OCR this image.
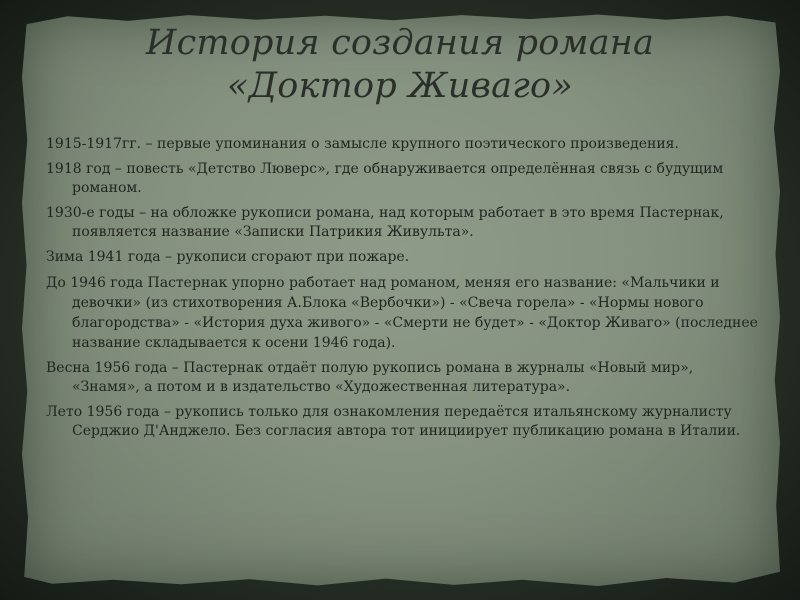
История создания романа
«Доктор Живаго»
1915-1917гг. – первые упоминания о замысле крупного поэтического произведения.
1918 год – повесть «Детство Люверс», где обнаруживается определённая связь с будущим романом.
1930-е годы – на обложке рукописи романа, над которым работает в это время Пастернак, появляется название «Записки Патрикия Живульта».
Зима 1941 года – рукописи сгорают при пожаре.
До 1946 года Пастернак упорно работает над романом, меняя его название: «Мальчики и девочки» (из стихотворения А.Блока «Вербочки») - «Свеча горела» - «Нормы нового благородства» - «История духа живого» - «Смерти не будет» - «Доктор Живаго» (последнее название складывается к осени 1946 года).
Весна 1956 года – Пастернак отдаёт полую рукопись романа в журналы «Новый мир», «Знамя», а потом и в издательство «Художественная литература».
Лето 1956 года – рукопись только для ознакомления передаётся итальянскому журналисту Серджио Д'Анджело. Без согласия автора тот инициирует публикацию романа в Италии.
